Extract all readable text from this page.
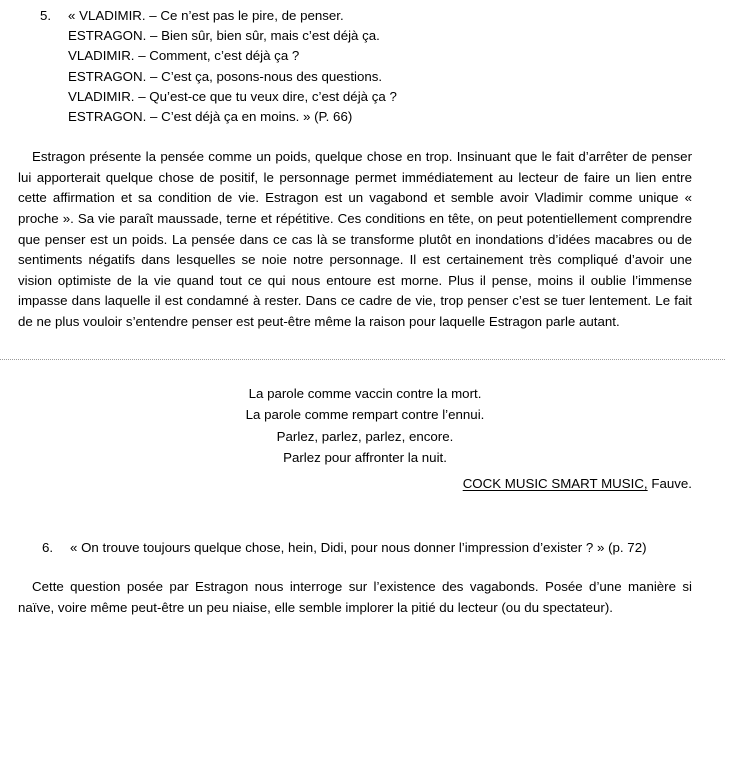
5.	« VLADIMIR. – Ce n’est pas le pire, de penser.
ESTRAGON. – Bien sûr, bien sûr, mais c’est déjà ça.
VLADIMIR. – Comment, c’est déjà ça ?
ESTRAGON. – C’est ça, posons-nous des questions.
VLADIMIR. – Qu’est-ce que tu veux dire, c’est déjà ça ?
ESTRAGON. – C’est déjà ça en moins. » (P. 66)

Estragon présente la pensée comme un poids, quelque chose en trop. Insinuant que le fait d’arrêter de penser lui apporterait quelque chose de positif, le personnage permet immédiatement au lecteur de faire un lien entre cette affirmation et sa condition de vie. Estragon est un vagabond et semble avoir Vladimir comme unique « proche ». Sa vie paraît maussade, terne et répétitive. Ces conditions en tête, on peut potentiellement comprendre que penser est un poids. La pensée dans ce cas là se transforme plutôt en inondations d’idées macabres ou de sentiments négatifs dans lesquelles se noie notre personnage. Il est certainement très compliqué d’avoir une vision optimiste de la vie quand tout ce qui nous entoure est morne. Plus il pense, moins il oublie l’immense impasse dans laquelle il est condamné à rester. Dans ce cadre de vie, trop penser c’est se tuer lentement. Le fait de ne plus vouloir s’entendre penser est peut-être même la raison pour laquelle Estragon parle autant.

La parole comme vaccin contre la mort.
La parole comme rempart contre l’ennui.
Parlez, parlez, parlez, encore.
Parlez pour affronter la nuit.
COCK MUSIC SMART MUSIC, Fauve.
6.	« On trouve toujours quelque chose, hein, Didi, pour nous donner l’impression d’exister ? » (p. 72)

Cette question posée par Estragon nous interroge sur l’existence des vagabonds. Posée d’une manière si naïve, voire même peut-être un peu niaise, elle semble implorer la pitié du lecteur (ou du spectateur).
